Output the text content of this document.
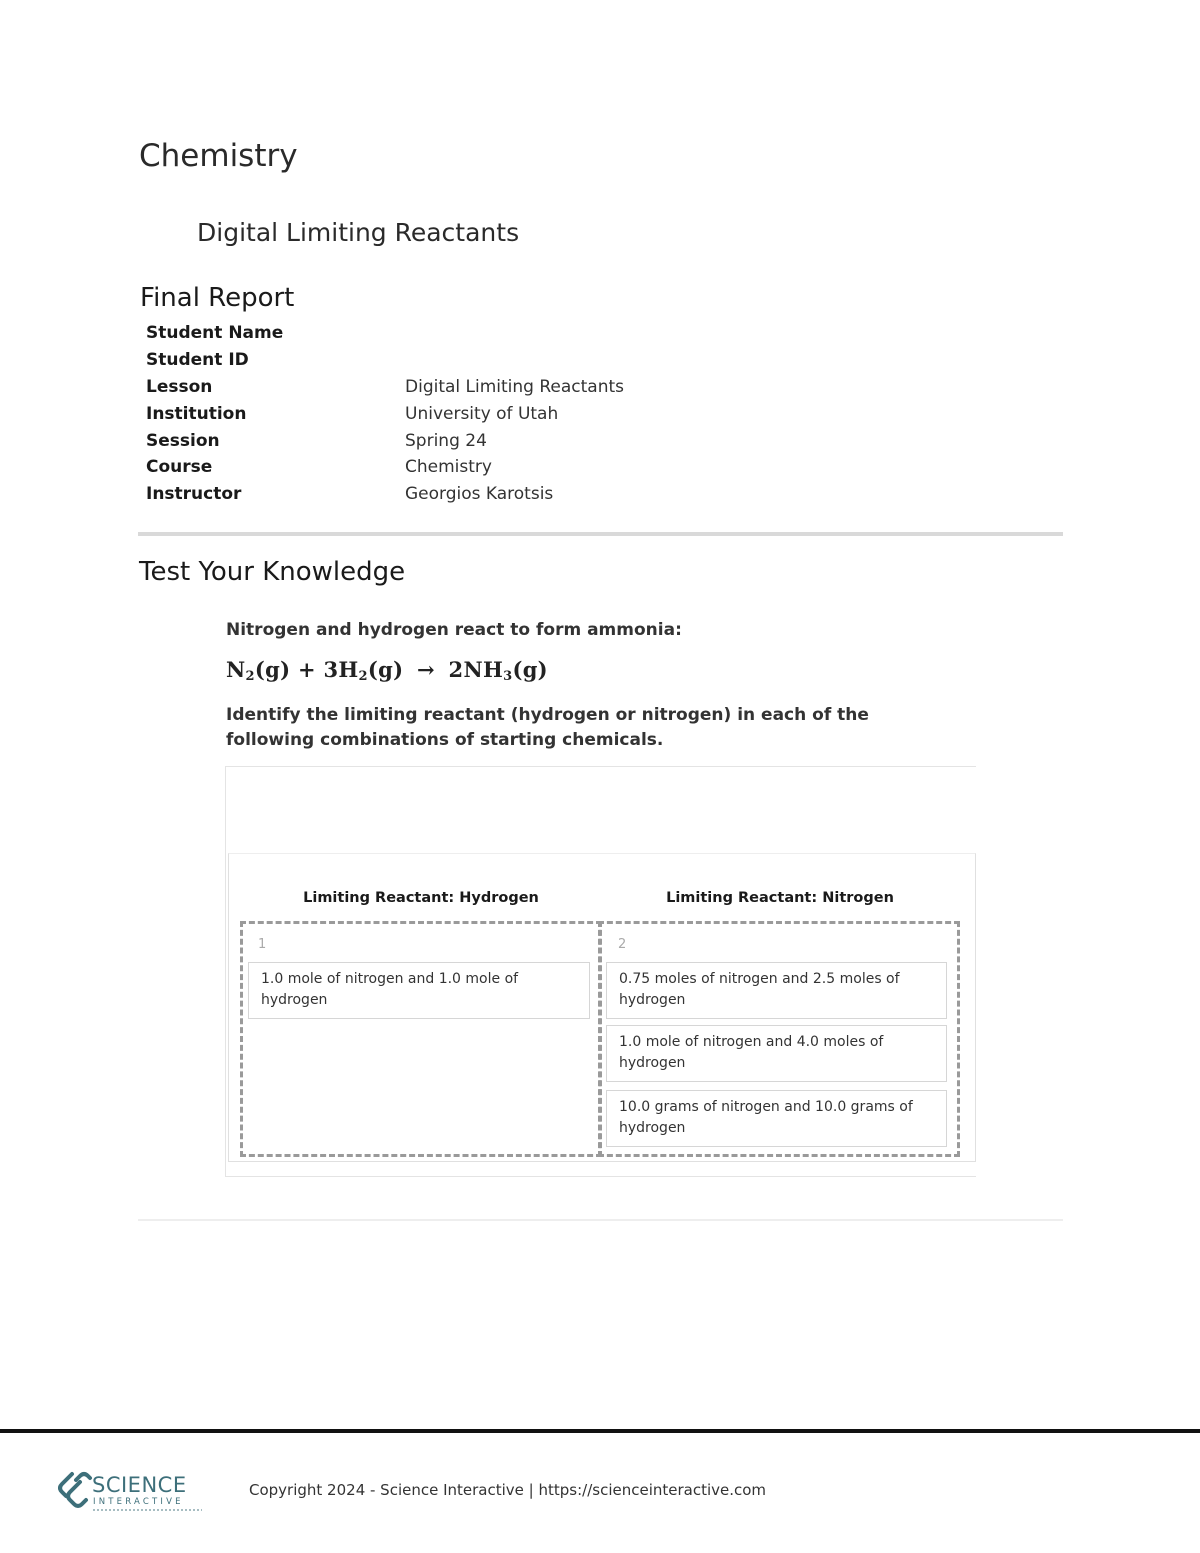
Chemistry
Digital Limiting Reactants
Final Report
Student Name	
Student ID	
Lesson	Digital Limiting Reactants
Institution	University of Utah
Session	Spring 24
Course	Chemistry
Instructor	Georgios Karotsis
Test Your Knowledge

Nitrogen and hydrogen react to form ammonia:

$N_2(g) + 3H_2(g) \to 2NH_3(g)$

Identify the limiting reactant (hydrogen or nitrogen) in each of the following combinations of starting chemicals.

Limiting Reactant: Hydrogen	Limiting Reactant: Nitrogen
1	2
1.0 mole of nitrogen and 1.0 mole of hydrogen
0.75 moles of nitrogen and 2.5 moles of hydrogen
1.0 mole of nitrogen and 4.0 moles of hydrogen
10.0 grams of nitrogen and 10.0 grams of hydrogen
SCIENCE
INTERACTIVE
Copyright 2024 - Science Interactive | https://scienceinteractive.com
